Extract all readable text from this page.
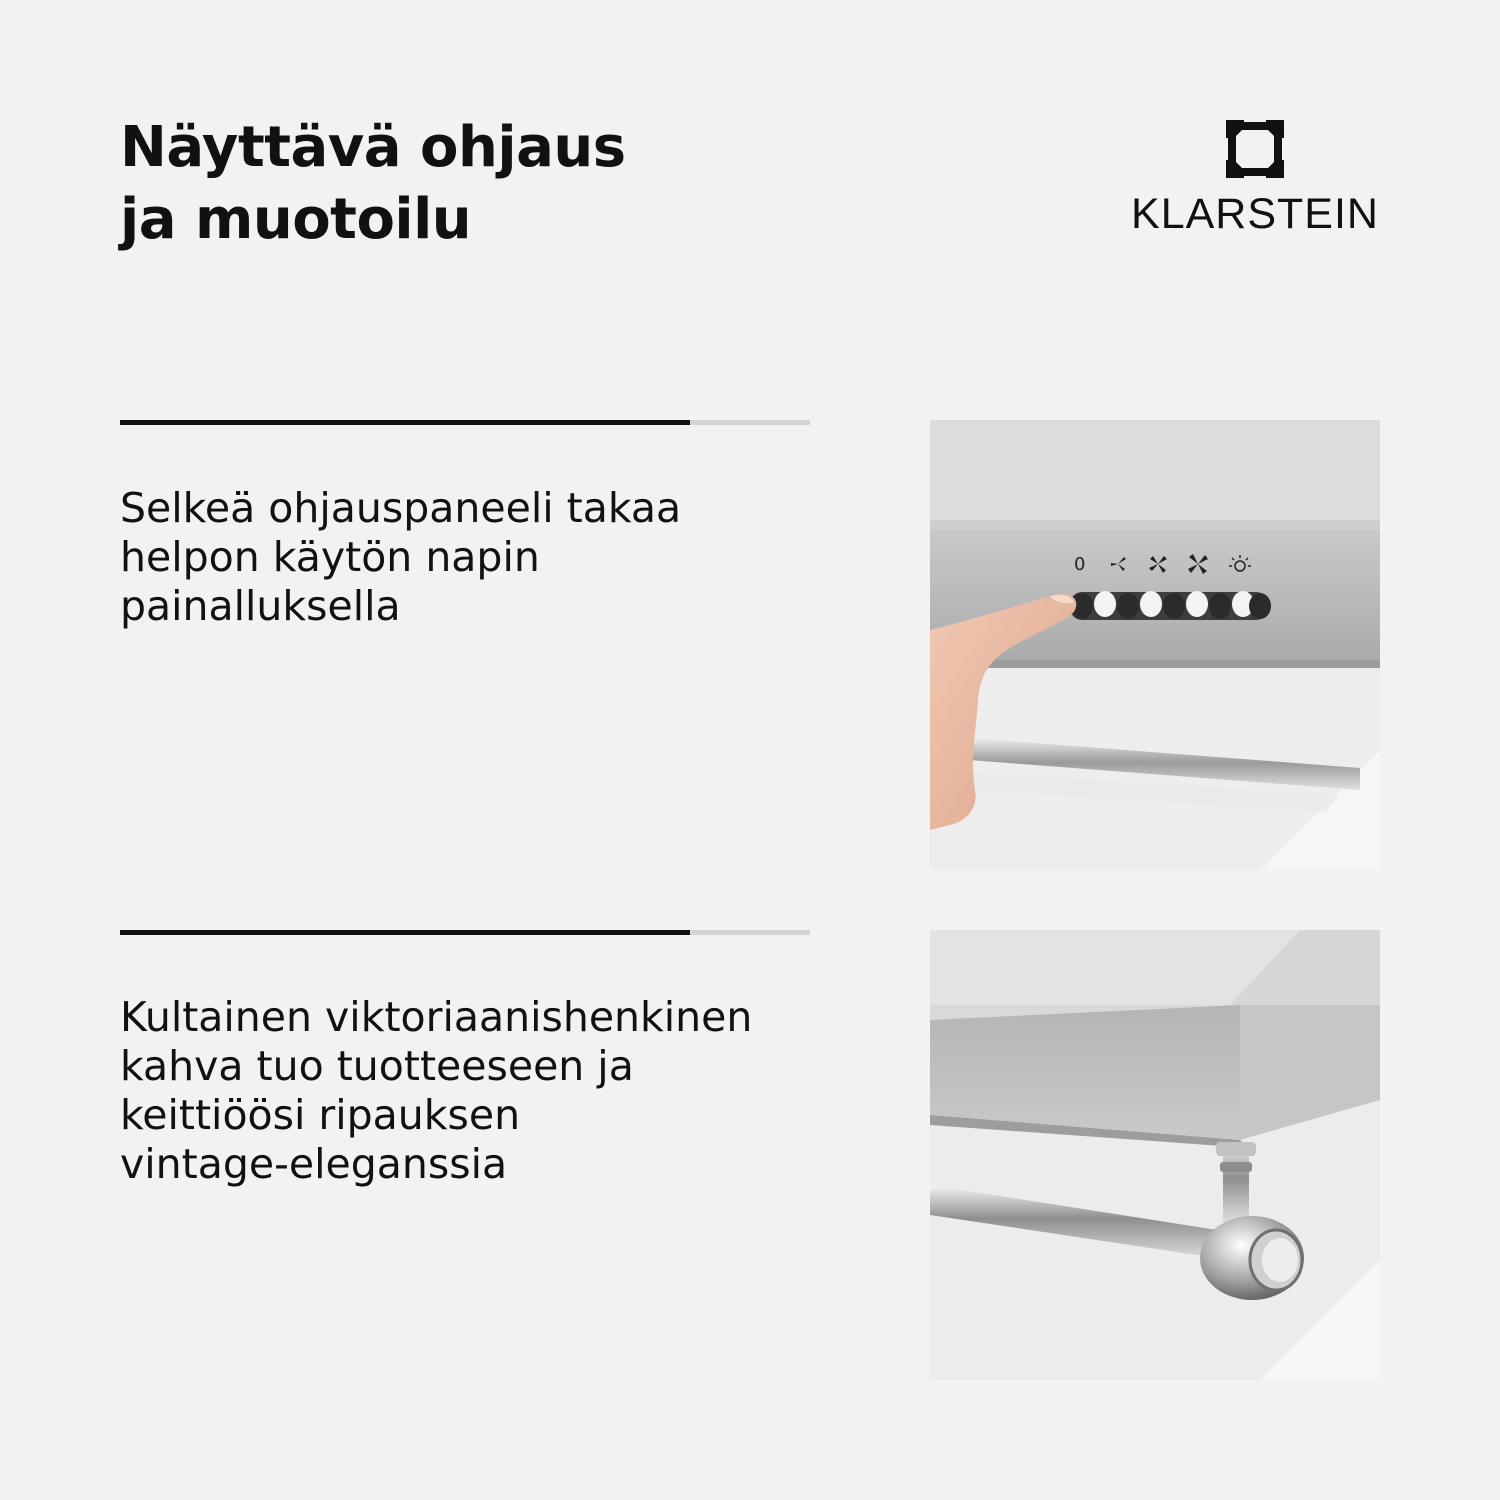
Näyttävä ohjaus
ja muotoilu	KLARSTEIN

Selkeä ohjauspaneeli takaa
helpon käytön napin
painalluksella

0

Kultainen viktoriaanishenkinen
kahva tuo tuotteeseen ja
keittiöösi ripauksen
vintage-eleganssia
